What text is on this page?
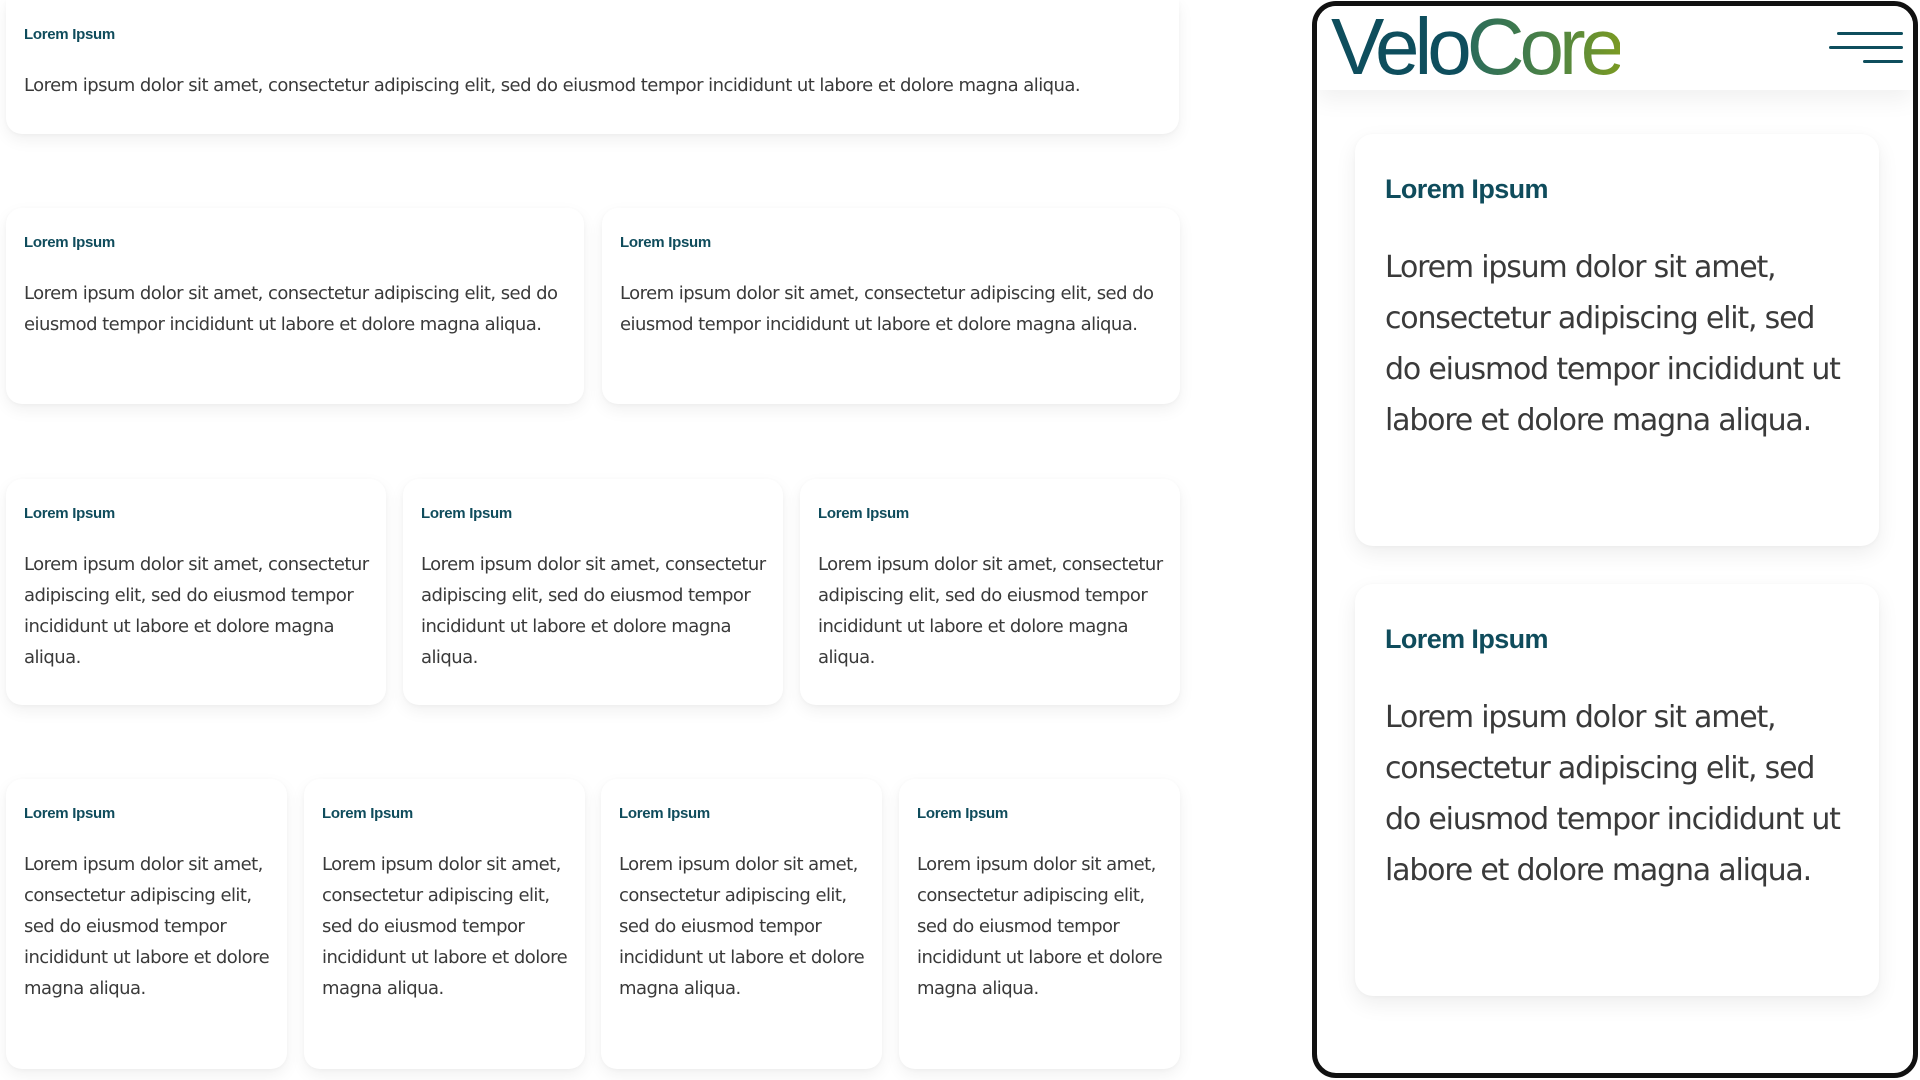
Lorem Ipsum

Lorem ipsum dolor sit amet, consectetur adipiscing elit, sed do eiusmod tempor incididunt ut labore et dolore magna aliqua.

Lorem Ipsum

Lorem ipsum dolor sit amet, consectetur adipiscing elit, sed do eiusmod tempor incididunt ut labore et dolore magna aliqua.

Lorem Ipsum

Lorem ipsum dolor sit amet, consectetur adipiscing elit, sed do eiusmod tempor incididunt ut labore et dolore magna aliqua.

Lorem Ipsum

Lorem ipsum dolor sit amet, consectetur adipiscing elit, sed do eiusmod tempor incididunt ut labore et dolore magna aliqua.

Lorem Ipsum

Lorem ipsum dolor sit amet, consectetur adipiscing elit, sed do eiusmod tempor incididunt ut labore et dolore magna aliqua.

Lorem Ipsum

Lorem ipsum dolor sit amet, consectetur adipiscing elit, sed do eiusmod tempor incididunt ut labore et dolore magna aliqua.

Lorem Ipsum

Lorem ipsum dolor sit amet, consectetur adipiscing elit, sed do eiusmod tempor incididunt ut labore et dolore magna aliqua.

Lorem Ipsum

Lorem ipsum dolor sit amet, consectetur adipiscing elit, sed do eiusmod tempor incididunt ut labore et dolore magna aliqua.

Lorem Ipsum

Lorem ipsum dolor sit amet, consectetur adipiscing elit, sed do eiusmod tempor incididunt ut labore et dolore magna aliqua.

Lorem Ipsum

Lorem ipsum dolor sit amet, consectetur adipiscing elit, sed do eiusmod tempor incididunt ut labore et dolore magna aliqua.

VeloCore
Lorem Ipsum

Lorem ipsum dolor sit amet, consectetur adipiscing elit, sed do eiusmod tempor incididunt ut labore et dolore magna aliqua.

Lorem Ipsum

Lorem ipsum dolor sit amet, consectetur adipiscing elit, sed do eiusmod tempor incididunt ut labore et dolore magna aliqua.
